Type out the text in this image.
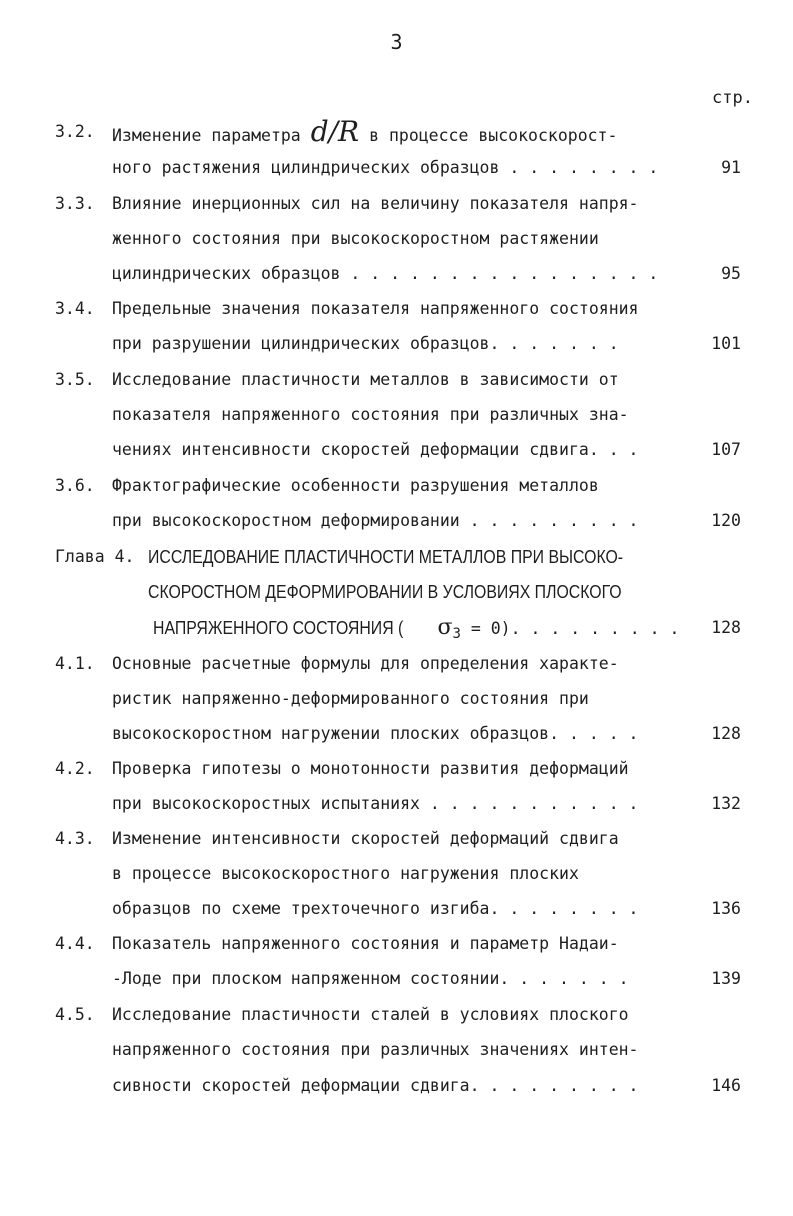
3
стр.
3.2. Изменение параметра d/R в процессе высокоскорост-
ного растяжения цилиндрических образцов . . . . . . . .	91
3.3. Влияние инерционных сил на величину показателя напря-
женного состояния при высокоскоростном растяжении
цилиндрических образцов . . . . . . . . . . . . . . . .	95
3.4. Предельные значения показателя напряженного состояния
при разрушении цилиндрических образцов. . . . . . .	101
3.5. Исследование пластичности металлов в зависимости от
показателя напряженного состояния при различных зна-
чениях интенсивности скоростей деформации сдвига. . .	107
3.6. Фрактографические особенности разрушения металлов
при высокоскоростном деформировании . . . . . . . . .	120
Глава 4. ИССЛЕДОВАНИЕ ПЛАСТИЧНОСТИ МЕТАЛЛОВ ПРИ ВЫСОКО-
СКОРОСТНОМ ДЕФОРМИРОВАНИИ В УСЛОВИЯХ ПЛОСКОГО
НАПРЯЖЕННОГО СОСТОЯНИЯ ( $\sigma_3 = 0$). . . . . . . . . 128
4.1. Основные расчетные формулы для определения характе-
ристик напряженно-деформированного состояния при
высокоскоростном нагружении плоских образцов. . . . .	128
4.2. Проверка гипотезы о монотонности развития деформаций
при высокоскоростных испытаниях . . . . . . . . . . .	132
4.3. Изменение интенсивности скоростей деформаций сдвига
в процессе высокоскоростного нагружения плоских
образцов по схеме трехточечного изгиба. . . . . . . .	136
4.4. Показатель напряженного состояния и параметр Надаи-
-Лоде при плоском напряженном состоянии. . . . . . .	139
4.5. Исследование пластичности сталей в условиях плоского
напряженного состояния при различных значениях интен-
сивности скоростей деформации сдвига. . . . . . . . .	146
